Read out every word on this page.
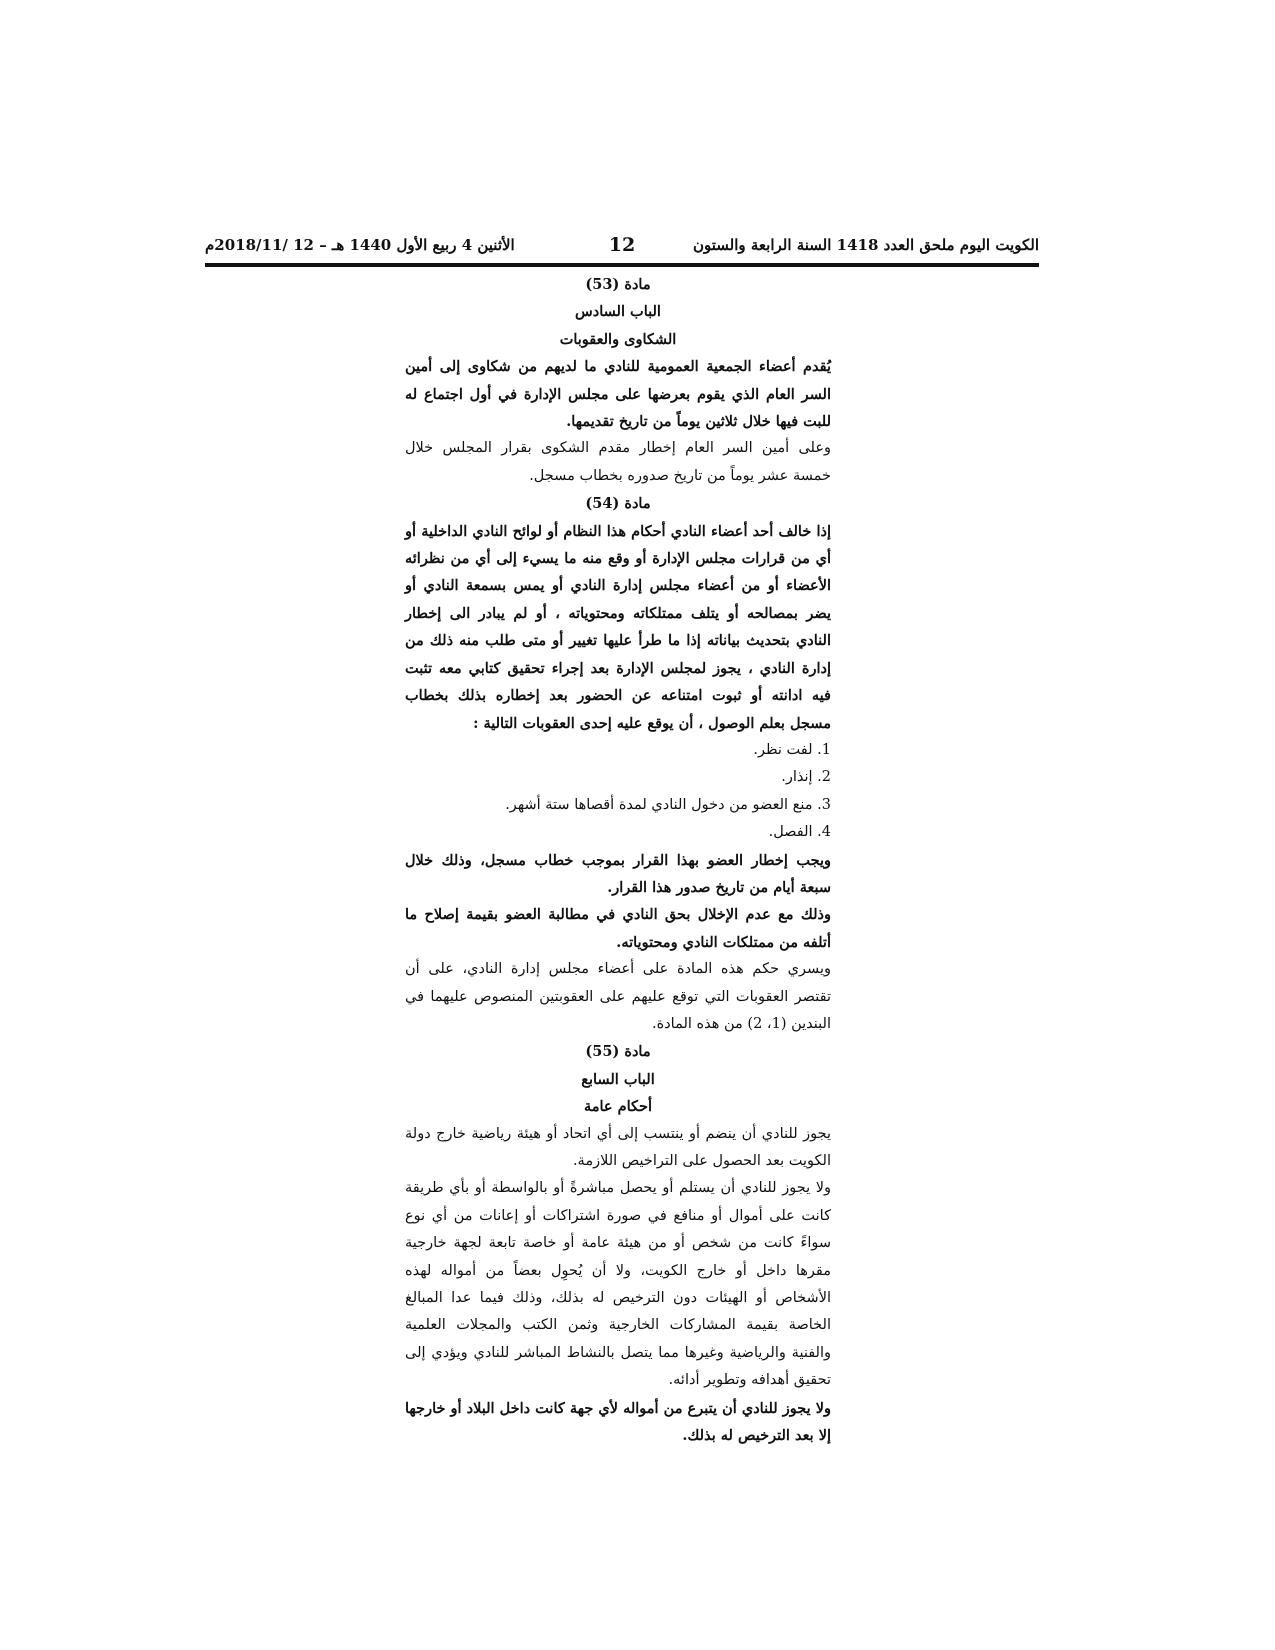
الكويت اليوم ملحق العدد 1418 السنة الرابعة والستون
12
الأثنين 4 ربيع الأول 1440 هـ – 12 /2018/11م

مادة (53)

الباب السادس

الشكاوى والعقوبات

يُقدم أعضاء الجمعية العمومية للنادي ما لديهم من شكاوى إلى أمين السر العام الذي يقوم بعرضها على مجلس الإدارة في أول اجتماع له للبت فيها خلال ثلاثين يوماً من تاريخ تقديمها.

وعلى أمين السر العام إخطار مقدم الشكوى بقرار المجلس خلال خمسة عشر يوماً من تاريخ صدوره بخطاب مسجل.

مادة (54)

إذا خالف أحد أعضاء النادي أحكام هذا النظام أو لوائح النادي الداخلية أو أي من قرارات مجلس الإدارة أو وقع منه ما يسيء إلى أي من نظرائه الأعضاء أو من أعضاء مجلس إدارة النادي أو يمس بسمعة النادي أو يضر بمصالحه أو يتلف ممتلكاته ومحتوياته ، أو لم يبادر الى إخطار النادي بتحديث بياناته إذا ما طرأ عليها تغيير أو متى طلب منه ذلك من إدارة النادي ، يجوز لمجلس الإدارة بعد إجراء تحقيق كتابي معه تثبت فيه ادانته أو ثبوت امتناعه عن الحضور بعد إخطاره بذلك بخطاب مسجل بعلم الوصول ، أن يوقع عليه إحدى العقوبات التالية :

1. لفت نظر.

2. إنذار.

3. منع العضو من دخول النادي لمدة أقصاها ستة أشهر.

4. الفصل.

ويجب إخطار العضو بهذا القرار بموجب خطاب مسجل، وذلك خلال سبعة أيام من تاريخ صدور هذا القرار.

وذلك مع عدم الإخلال بحق النادي في مطالبة العضو بقيمة إصلاح ما أتلفه من ممتلكات النادي ومحتوياته.

ويسري حكم هذه المادة على أعضاء مجلس إدارة النادي، على أن تقتصر العقوبات التي توقع عليهم على العقوبتين المنصوص عليهما في البندين (1، 2) من هذه المادة.

مادة (55)

الباب السابع

أحكام عامة

يجوز للنادي أن ينضم أو ينتسب إلى أي اتحاد أو هيئة رياضية خارج دولة الكويت بعد الحصول على التراخيص اللازمة.

ولا يجوز للنادي أن يستلم أو يحصل مباشرةً أو بالواسطة أو بأي طريقة كانت على أموال أو منافع في صورة اشتراكات أو إعانات من أي نوع سواءً كانت من شخص أو من هيئة عامة أو خاصة تابعة لجهة خارجية مقرها داخل أو خارج الكويت، ولا أن يُحوِل بعضاً من أمواله لهذه الأشخاص أو الهيئات دون الترخيص له بذلك، وذلك فيما عدا المبالغ الخاصة بقيمة المشاركات الخارجية وثمن الكتب والمجلات العلمية والفنية والرياضية وغيرها مما يتصل بالنشاط المباشر للنادي ويؤدي إلى تحقيق أهدافه وتطوير أدائه.

ولا يجوز للنادي أن يتبرع من أمواله لأي جهة كانت داخل البلاد أو خارجها إلا بعد الترخيص له بذلك.
